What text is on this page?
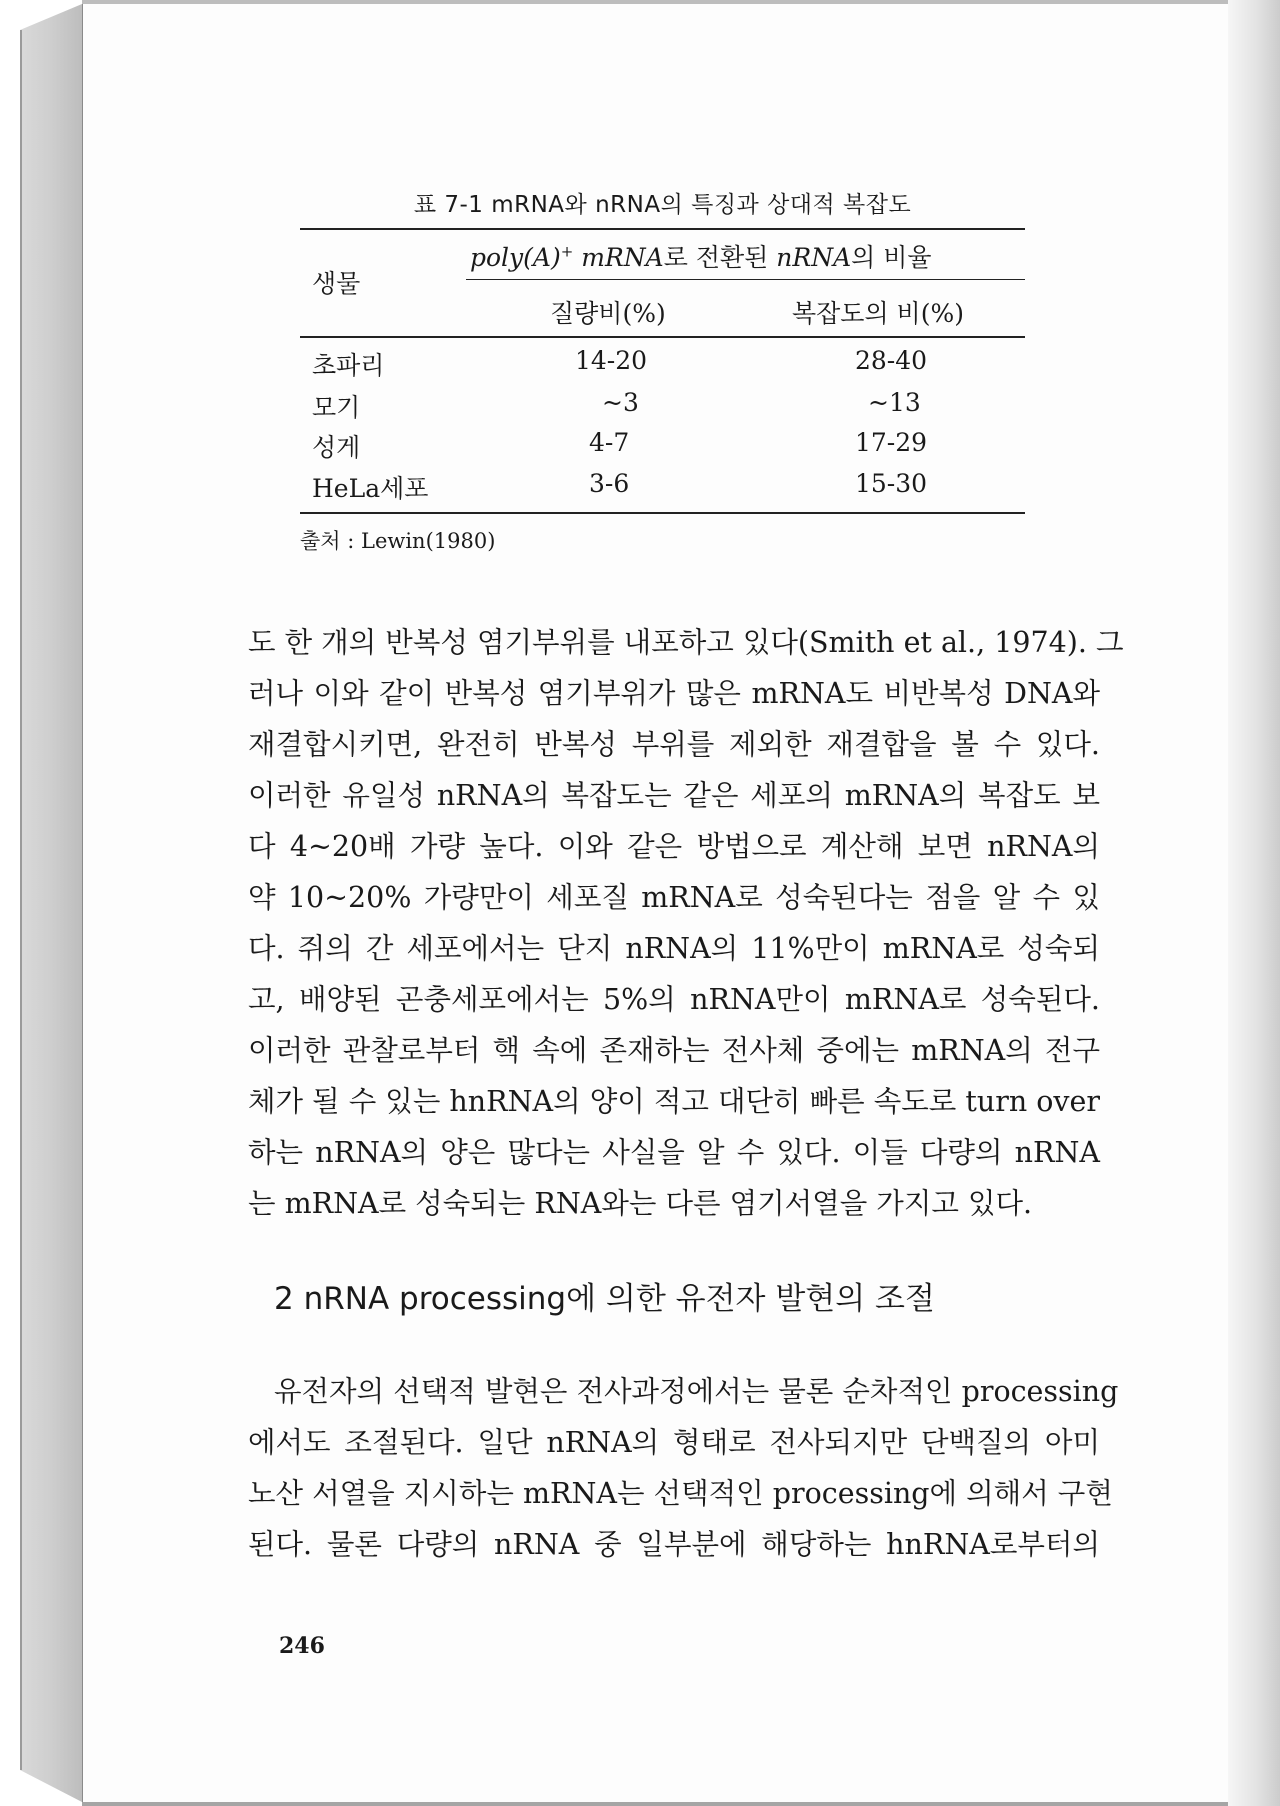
표 7-1 mRNA와 nRNA의 특징과 상대적 복잡도
생물
poly(A)+ mRNA로 전환된 nRNA의 비율
질량비(%)	복잡도의 비(%)
초파리	14-20	28-40
모기	~3	~13
성게	4-7	17-29
HeLa세포	3-6	15-30
출처 : Lewin(1980)
도 한 개의 반복성 염기부위를 내포하고 있다(Smith et al., 1974). 그
러나 이와 같이 반복성 염기부위가 많은 mRNA도 비반복성 DNA와
재결합시키면, 완전히 반복성 부위를 제외한 재결합을 볼 수 있다.
이러한 유일성 nRNA의 복잡도는 같은 세포의 mRNA의 복잡도 보
다 4~20배 가량 높다. 이와 같은 방법으로 계산해 보면 nRNA의
약 10~20% 가량만이 세포질 mRNA로 성숙된다는 점을 알 수 있
다. 쥐의 간 세포에서는 단지 nRNA의 11%만이 mRNA로 성숙되
고, 배양된 곤충세포에서는 5%의 nRNA만이 mRNA로 성숙된다.
이러한 관찰로부터 핵 속에 존재하는 전사체 중에는 mRNA의 전구
체가 될 수 있는 hnRNA의 양이 적고 대단히 빠른 속도로 turn over
하는 nRNA의 양은 많다는 사실을 알 수 있다. 이들 다량의 nRNA
는 mRNA로 성숙되는 RNA와는 다른 염기서열을 가지고 있다.
2 nRNA processing에 의한 유전자 발현의 조절
유전자의 선택적 발현은 전사과정에서는 물론 순차적인 processing
에서도 조절된다. 일단 nRNA의 형태로 전사되지만 단백질의 아미
노산 서열을 지시하는 mRNA는 선택적인 processing에 의해서 구현
된다. 물론 다량의 nRNA 중 일부분에 해당하는 hnRNA로부터의
246
